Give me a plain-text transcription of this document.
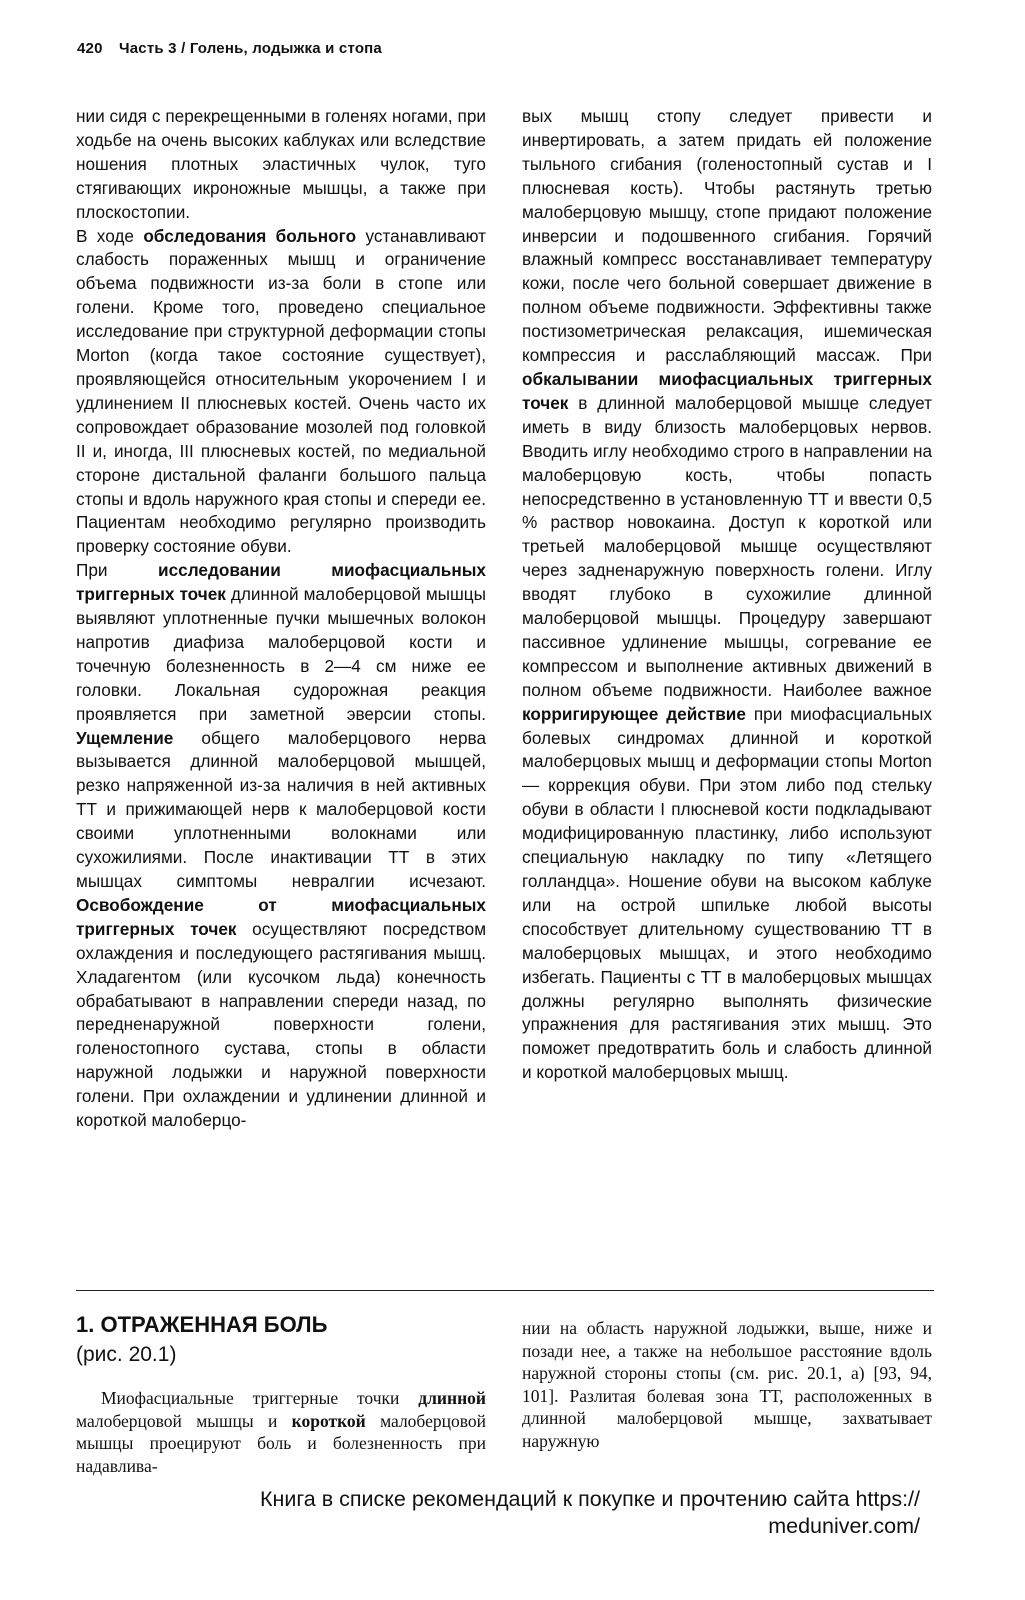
420 Часть 3 / Голень, лодыжка и стопа

нии сидя с перекрещенными в голенях ногами, при ходьбе на очень высоких каблуках или вследствие ношения плотных эластичных чулок, туго стягивающих икроножные мышцы, а также при плоскостопии.

В ходе обследования больного устанавливают слабость пораженных мышц и ограничение объема подвижности из-за боли в стопе или голени. Кроме того, проведено специальное исследование при структурной деформации стопы Morton (когда такое состояние существует), проявляющейся относительным укорочением I и удлинением II плюсневых костей. Очень часто их сопровождает образование мозолей под головкой II и, иногда, III плюсневых костей, по медиальной стороне дистальной фаланги большого пальца стопы и вдоль наружного края стопы и спереди ее. Пациентам необходимо регулярно производить проверку состояние обуви.

При исследовании миофасциальных триггерных точек длинной малоберцовой мышцы выявляют уплотненные пучки мышечных волокон напротив диафиза малоберцовой кости и точечную болезненность в 2—4 см ниже ее головки. Локальная судорожная реакция проявляется при заметной эверсии стопы. Ущемление общего малоберцового нерва вызывается длинной малоберцовой мышцей, резко напряженной из-за наличия в ней активных ТТ и прижимающей нерв к малоберцовой кости своими уплотненными волокнами или сухожилиями. После инактивации ТТ в этих мышцах симптомы невралгии исчезают. Освобождение от миофасциальных триггерных точек осуществляют посредством охлаждения и последующего растягивания мышц. Хладагентом (или кусочком льда) конечность обрабатывают в направлении спереди назад, по передненаружной поверхности голени, голеностопного сустава, стопы в области наружной лодыжки и наружной поверхности голени. При охлаждении и удлинении длинной и короткой малоберцо-

вых мышц стопу следует привести и инвертировать, а затем придать ей положение тыльного сгибания (голеностопный сустав и I плюсневая кость). Чтобы растянуть третью малоберцовую мышцу, стопе придают положение инверсии и подошвенного сгибания. Горячий влажный компресс восстанавливает температуру кожи, после чего больной совершает движение в полном объеме подвижности. Эффективны также постизометрическая релаксация, ишемическая компрессия и расслабляющий массаж. При обкалывании миофасциальных триггерных точек в длинной малоберцовой мышце следует иметь в виду близость малоберцовых нервов. Вводить иглу необходимо строго в направлении на малоберцовую кость, чтобы попасть непосредственно в установленную ТТ и ввести 0,5 % раствор новокаина. Доступ к короткой или третьей малоберцовой мышце осуществляют через задненаружную поверхность голени. Иглу вводят глубоко в сухожилие длинной малоберцовой мышцы. Процедуру завершают пассивное удлинение мышцы, согревание ее компрессом и выполнение активных движений в полном объеме подвижности. Наиболее важное корригирующее действие при миофасциальных болевых синдромах длинной и короткой малоберцовых мышц и деформации стопы Morton — коррекция обуви. При этом либо под стельку обуви в области I плюсневой кости подкладывают модифицированную пластинку, либо используют специальную накладку по типу «Летящего голландца». Ношение обуви на высоком каблуке или на острой шпильке любой высоты способствует длительному существованию ТТ в малоберцовых мышцах, и этого необходимо избегать. Пациенты с ТТ в малоберцовых мышцах должны регулярно выполнять физические упражнения для растягивания этих мышц. Это поможет предотвратить боль и слабость длинной и короткой малоберцовых мышц.

1. ОТРАЖЕННАЯ БОЛЬ
(рис. 20.1)
Миофасциальные триггерные точки длинной малоберцовой мышцы и короткой малоберцовой мышцы проецируют боль и болезненность при надавлива-
нии на область наружной лодыжки, выше, ниже и позади нее, а также на небольшое расстояние вдоль наружной стороны стопы (см. рис. 20.1, а) [93, 94, 101]. Разлитая болевая зона ТТ, расположенных в длинной малоберцовой мышце, захватывает наружную
Книга в списке рекомендаций к покупке и прочтению сайта https://
meduniver.com/
